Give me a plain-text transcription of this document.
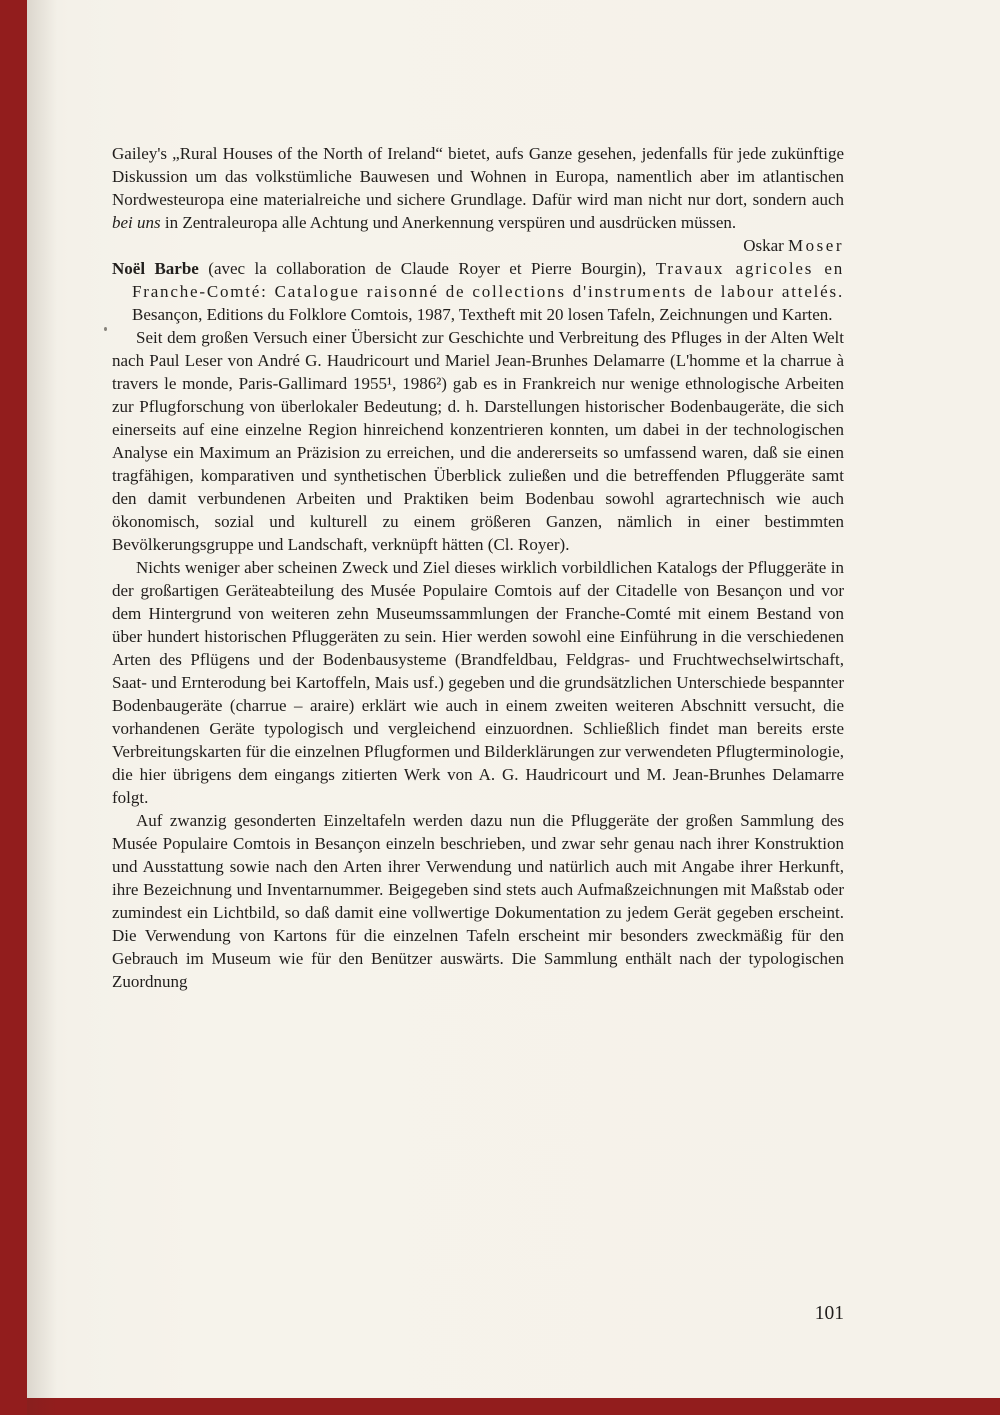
Gailey's „Rural Houses of the North of Ireland“ bietet, aufs Ganze gesehen, jedenfalls für jede zukünftige Diskussion um das volkstümliche Bauwesen und Wohnen in Europa, namentlich aber im atlantischen Nordwesteuropa eine materialreiche und sichere Grundlage. Dafür wird man nicht nur dort, sondern auch bei uns in Zentraleuropa alle Achtung und Anerkennung verspüren und ausdrücken müssen.

Oskar Moser

Noël Barbe (avec la collaboration de Claude Royer et Pierre Bourgin), Travaux agricoles en Franche-Comté: Catalogue raisonné de collections d'instruments de labour attelés. Besançon, Editions du Folklore Comtois, 1987, Textheft mit 20 losen Tafeln, Zeichnungen und Karten.

Seit dem großen Versuch einer Übersicht zur Geschichte und Verbreitung des Pfluges in der Alten Welt nach Paul Leser von André G. Haudricourt und Mariel Jean-Brunhes Delamarre (L'homme et la charrue à travers le monde, Paris-Gallimard 1955¹, 1986²) gab es in Frankreich nur wenige ethnologische Arbeiten zur Pflugforschung von überlokaler Bedeutung; d. h. Darstellungen historischer Bodenbaugeräte, die sich einerseits auf eine einzelne Region hinreichend konzentrieren konnten, um dabei in der technologischen Analyse ein Maximum an Präzision zu erreichen, und die andererseits so umfassend waren, daß sie einen tragfähigen, komparativen und synthetischen Überblick zuließen und die betreffenden Pfluggeräte samt den damit verbundenen Arbeiten und Praktiken beim Bodenbau sowohl agrartechnisch wie auch ökonomisch, sozial und kulturell zu einem größeren Ganzen, nämlich in einer bestimmten Bevölkerungsgruppe und Landschaft, verknüpft hätten (Cl. Royer).

Nichts weniger aber scheinen Zweck und Ziel dieses wirklich vorbildlichen Katalogs der Pfluggeräte in der großartigen Geräteabteilung des Musée Populaire Comtois auf der Citadelle von Besançon und vor dem Hintergrund von weiteren zehn Museumssammlungen der Franche-Comté mit einem Bestand von über hundert historischen Pfluggeräten zu sein. Hier werden sowohl eine Einführung in die verschiedenen Arten des Pflügens und der Bodenbausysteme (Brandfeldbau, Feldgras- und Fruchtwechselwirtschaft, Saat- und Ernterodung bei Kartoffeln, Mais usf.) gegeben und die grundsätzlichen Unterschiede bespannter Bodenbaugeräte (charrue – araire) erklärt wie auch in einem zweiten weiteren Abschnitt versucht, die vorhandenen Geräte typologisch und vergleichend einzuordnen. Schließlich findet man bereits erste Verbreitungskarten für die einzelnen Pflugformen und Bilderklärungen zur verwendeten Pflugterminologie, die hier übrigens dem eingangs zitierten Werk von A. G. Haudricourt und M. Jean-Brunhes Delamarre folgt.

Auf zwanzig gesonderten Einzeltafeln werden dazu nun die Pfluggeräte der großen Sammlung des Musée Populaire Comtois in Besançon einzeln beschrieben, und zwar sehr genau nach ihrer Konstruktion und Ausstattung sowie nach den Arten ihrer Verwendung und natürlich auch mit Angabe ihrer Herkunft, ihre Bezeichnung und Inventarnummer. Beigegeben sind stets auch Aufmaßzeichnungen mit Maßstab oder zumindest ein Lichtbild, so daß damit eine vollwertige Dokumentation zu jedem Gerät gegeben erscheint. Die Verwendung von Kartons für die einzelnen Tafeln erscheint mir besonders zweckmäßig für den Gebrauch im Museum wie für den Benützer auswärts. Die Sammlung enthält nach der typologischen Zuordnung

101
